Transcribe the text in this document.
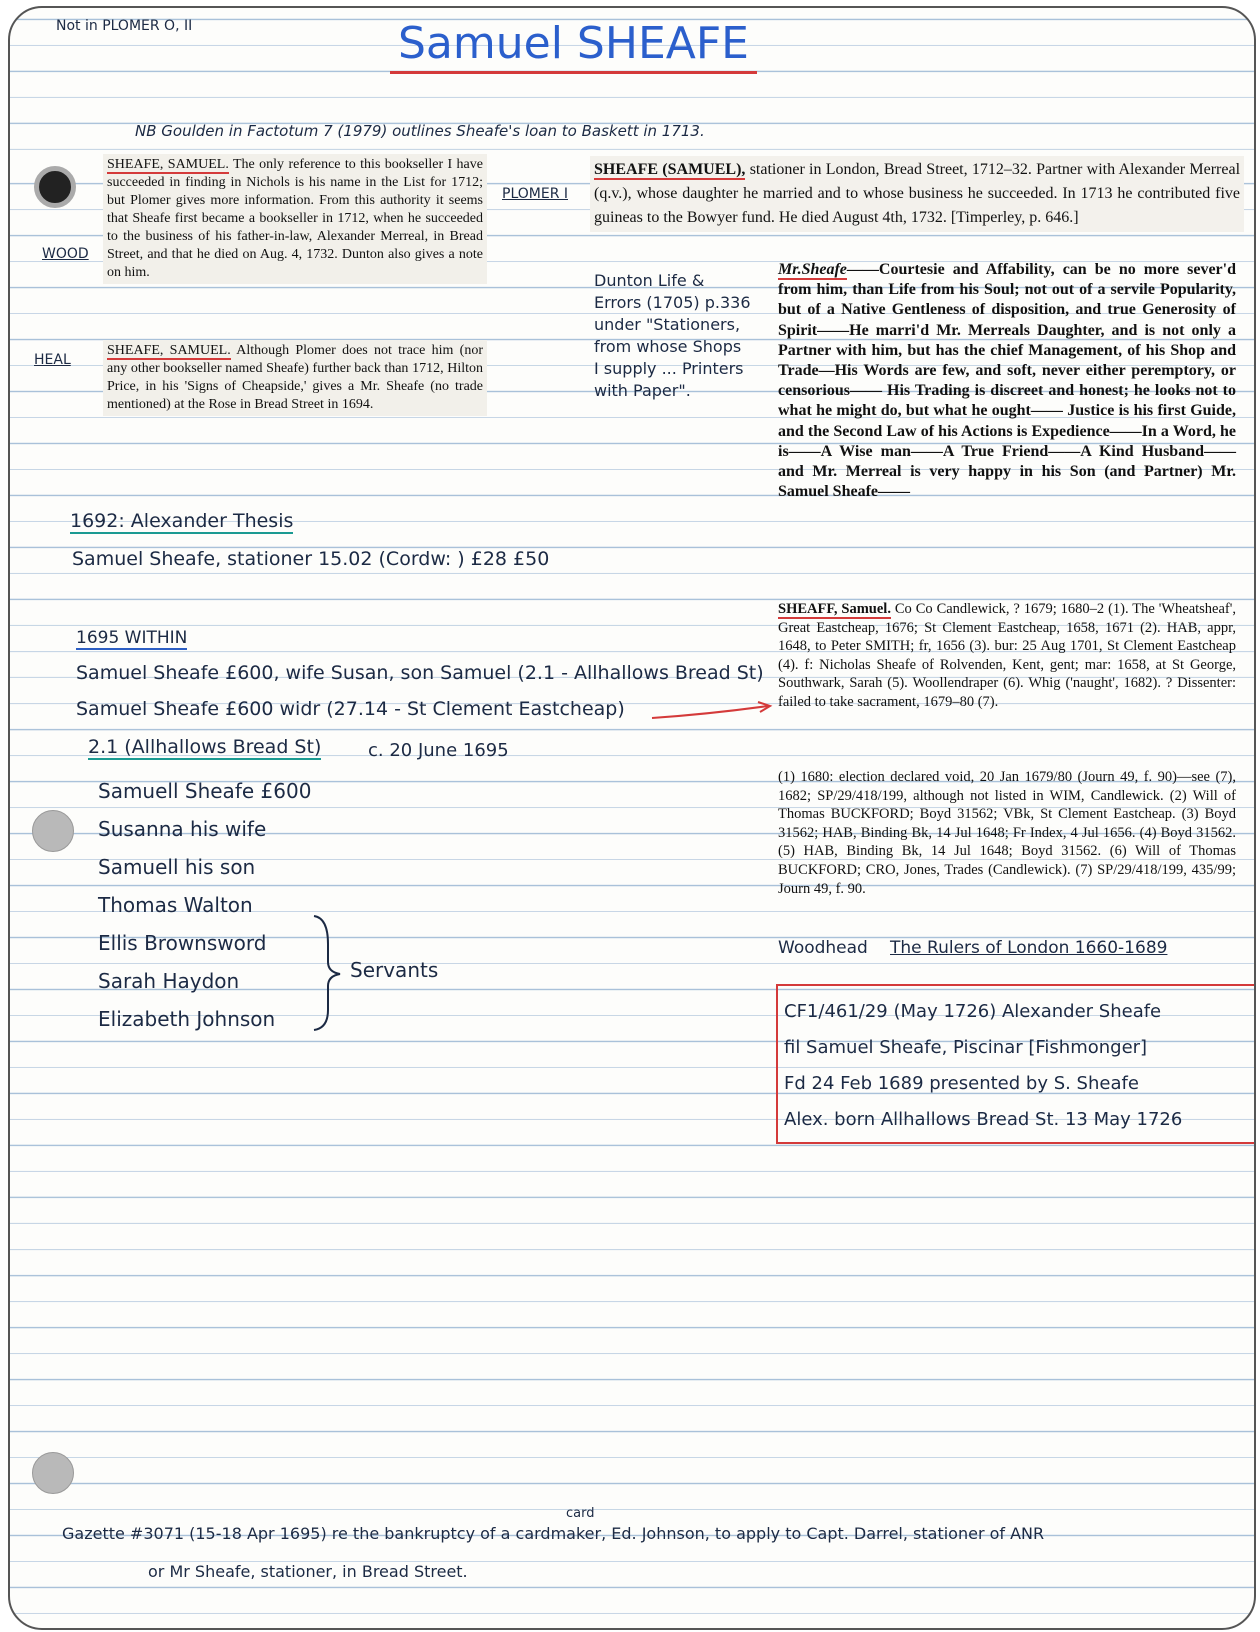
Not in PLOMER O, II	Samuel SHEAFE
NB Goulden in Factotum 7 (1979) outlines Sheafe's loan to Baskett in 1713.
WOOD
HEAL
PLOMER I
SHEAFE, SAMUEL. The only reference to this bookseller I have succeeded in finding in Nichols is his name in the List for 1712; but Plomer gives more information. From this authority it seems that Sheafe first became a bookseller in 1712, when he succeeded to the business of his father-in-law, Alexander Merreal, in Bread Street, and that he died on Aug. 4, 1732. Dunton also gives a note on him.
SHEAFE, SAMUEL. Although Plomer does not trace him (nor any other bookseller named Sheafe) further back than 1712, Hilton Price, in his 'Signs of Cheapside,' gives a Mr. Sheafe (no trade mentioned) at the Rose in Bread Street in 1694.
SHEAFE (SAMUEL), stationer in London, Bread Street, 1712–32. Partner with Alexander Merreal (q.v.), whose daughter he married and to whose business he succeeded. In 1713 he contributed five guineas to the Bowyer fund. He died August 4th, 1732. [Timperley, p. 646.]
Dunton Life &
Errors (1705) p.336
under "Stationers,
from whose Shops
I supply ... Printers
with Paper".
Mr.Sheafe——Courtesie and Affability, can be no more sever'd from him, than Life from his Soul; not out of a servile Popularity, but of a Native Gentleness of disposition, and true Generosity of Spirit——He marri'd Mr. Merreals Daughter, and is not only a Partner with him, but has the chief Management, of his Shop and Trade—His Words are few, and soft, never either peremptory, or censorious—— His Trading is discreet and honest; he looks not to what he might do, but what he ought—— Justice is his first Guide, and the Second Law of his Actions is Expedience——In a Word, he is——A Wise man——A True Friend——A Kind Husband——and Mr. Merreal is very happy in his Son (and Partner) Mr. Samuel Sheafe——
1692: Alexander Thesis
Samuel Sheafe, stationer 15.02 (Cordw: ) £28 £50
1695 WITHIN
Samuel Sheafe £600, wife Susan, son Samuel (2.1 - Allhallows Bread St)
Samuel Sheafe £600 widr (27.14 - St Clement Eastcheap)
2.1 (Allhallows Bread St)	c. 20 June 1695
Samuell Sheafe £600
Susanna his wife
Samuell his son
Thomas Walton
Ellis Brownsword
Sarah Haydon
Elizabeth Johnson
Servants
SHEAFF, Samuel. Co Co Candlewick, ? 1679; 1680–2 (1). The 'Wheatsheaf', Great Eastcheap, 1676; St Clement Eastcheap, 1658, 1671 (2). HAB, appr, 1648, to Peter SMITH; fr, 1656 (3). bur: 25 Aug 1701, St Clement Eastcheap (4). f: Nicholas Sheafe of Rolvenden, Kent, gent; mar: 1658, at St George, Southwark, Sarah (5). Woollendraper (6). Whig ('naught', 1682). ? Dissenter: failed to take sacrament, 1679–80 (7).
(1) 1680: election declared void, 20 Jan 1679/80 (Journ 49, f. 90)—see (7), 1682; SP/29/418/199, although not listed in WIM, Candlewick. (2) Will of Thomas BUCKFORD; Boyd 31562; VBk, St Clement Eastcheap. (3) Boyd 31562; HAB, Binding Bk, 14 Jul 1648; Fr Index, 4 Jul 1656. (4) Boyd 31562. (5) HAB, Binding Bk, 14 Jul 1648; Boyd 31562. (6) Will of Thomas BUCKFORD; CRO, Jones, Trades (Candlewick). (7) SP/29/418/199, 435/99; Journ 49, f. 90.
Woodhead The Rulers of London 1660-1689
CF1/461/29 (May 1726) Alexander Sheafe
fil Samuel Sheafe, Piscinar [Fishmonger]
Fd 24 Feb 1689 presented by S. Sheafe
Alex. born Allhallows Bread St. 13 May 1726
card
Gazette #3071 (15-18 Apr 1695) re the bankruptcy of a cardmaker, Ed. Johnson, to apply to Capt. Darrel, stationer of ANR
or Mr Sheafe, stationer, in Bread Street.
